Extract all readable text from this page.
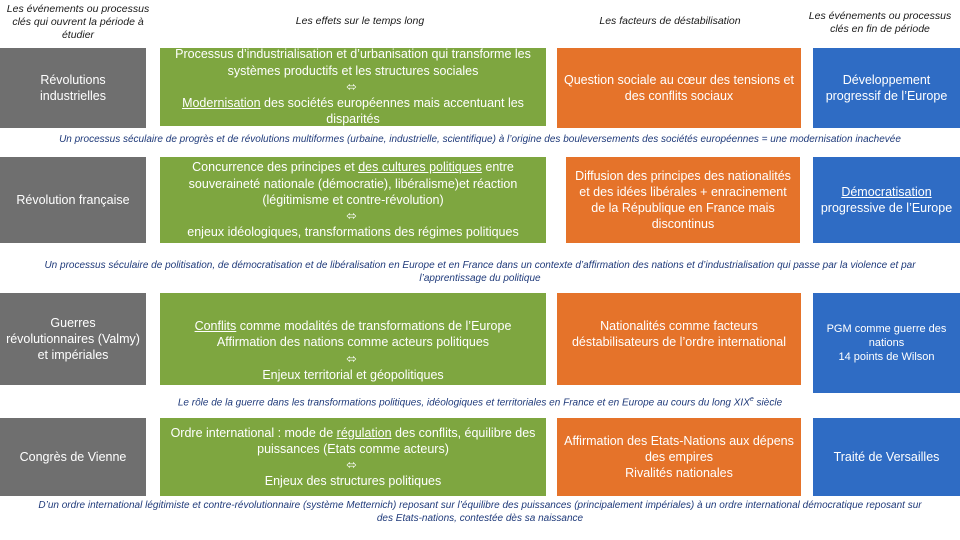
Les événements ou processus clés qui ouvrent la période à étudier
Les effets sur le temps long	Les facteurs de déstabilisation	Les événements ou processus clés en fin de période
Révolutions industrielles
Processus d’industrialisation et d’urbanisation qui transforme les systèmes productifs et les structures sociales
⬄
Modernisation des sociétés européennes mais accentuant les disparités
Question sociale au cœur des tensions et des conflits sociaux
Développement progressif de l’Europe
Un processus séculaire de progrès et de révolutions multiformes (urbaine, industrielle, scientifique) à l’origine des bouleversements des sociétés européennes = une modernisation inachevée
Révolution française
Concurrence des principes et des cultures politiques entre souveraineté nationale (démocratie), libéralisme)et réaction (légitimisme et contre-révolution)
⬄
enjeux idéologiques, transformations des régimes politiques
Diffusion des principes des nationalités et des idées libérales + enracinement de la République en France mais discontinus
Démocratisation
progressive de l’Europe
Un processus séculaire de politisation, de démocratisation et de libéralisation en Europe et en France dans un contexte d’affirmation des nations et d’industrialisation qui passe par la violence et par l’apprentissage du politique
Guerres révolutionnaires (Valmy) et impériales
Conflits comme modalités de transformations de l’Europe
Affirmation des nations comme acteurs politiques
⬄
Enjeux territorial et géopolitiques
Nationalités comme facteurs déstabilisateurs de l’ordre international
PGM comme guerre des nations
14 points de Wilson
Le rôle de la guerre dans les transformations politiques, idéologiques et territoriales en France et en Europe au cours du long XIXe siècle
Congrès de Vienne
Ordre international : mode de régulation des conflits, équilibre des puissances (Etats comme acteurs)
⬄
Enjeux des structures politiques
Affirmation des Etats-Nations aux dépens des empires
Rivalités nationales
Traité de Versailles
D’un ordre international légitimiste et contre-révolutionnaire (système Metternich) reposant sur l’équilibre des puissances (principalement impériales) à un ordre international démocratique reposant sur des Etats-nations, contestée dès sa naissance
